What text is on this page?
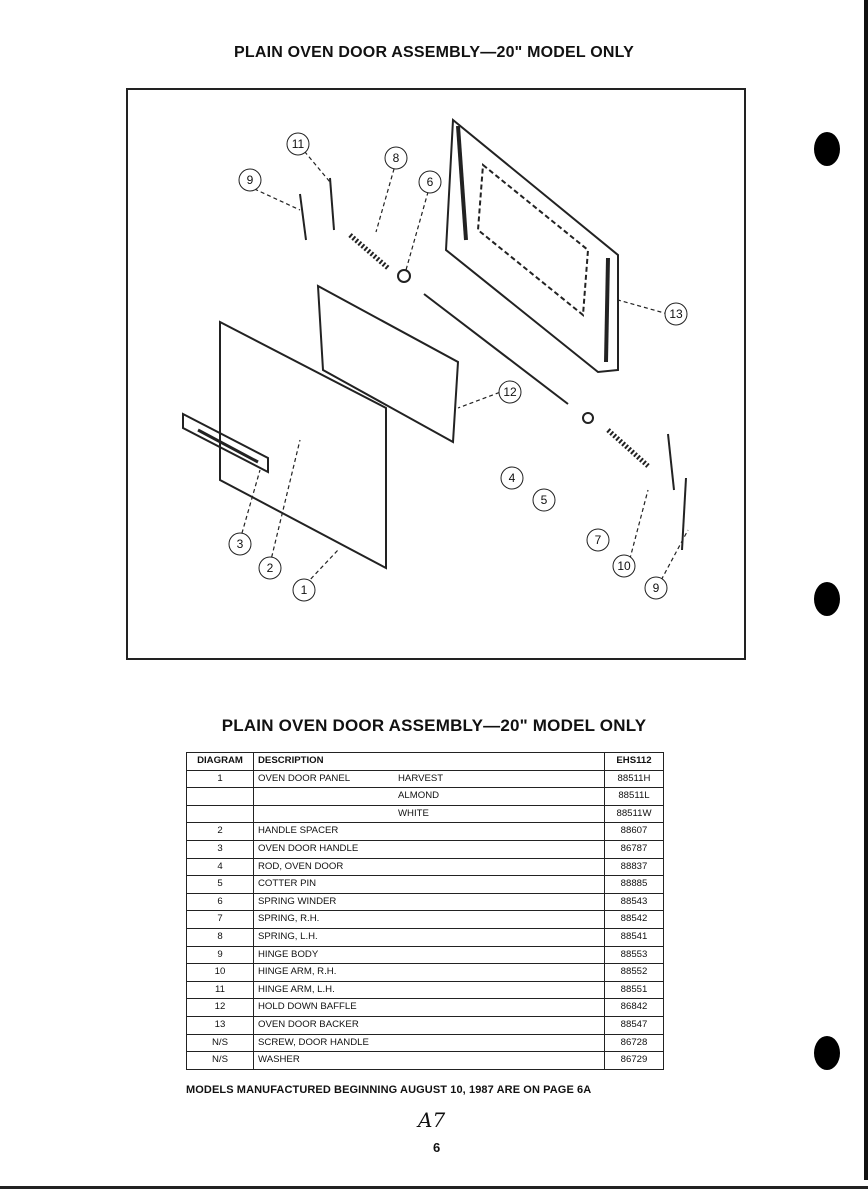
PLAIN OVEN DOOR ASSEMBLY—20" MODEL ONLY
11
8
6
9
13
12
3
2
1
10
9
5
4
7
PLAIN OVEN DOOR ASSEMBLY—20" MODEL ONLY
DIAGRAM	DESCRIPTION	EHS112
1	OVEN DOOR PANEL HARVEST	88511H

	ALMOND	88511L

	WHITE	88511W
2	HANDLE SPACER	88607
3	OVEN DOOR HANDLE	86787
4	ROD, OVEN DOOR	88837
5	COTTER PIN	88885
6	SPRING WINDER	88543
7	SPRING, R.H.	88542
8	SPRING, L.H.	88541
9	HINGE BODY	88553
10	HINGE ARM, R.H.	88552
11	HINGE ARM, L.H.	88551
12	HOLD DOWN BAFFLE	86842
13	OVEN DOOR BACKER	88547
N/S	SCREW, DOOR HANDLE	86728
N/S	WASHER	86729
MODELS MANUFACTURED BEGINNING AUGUST 10, 1987 ARE ON PAGE 6A
A7
6
